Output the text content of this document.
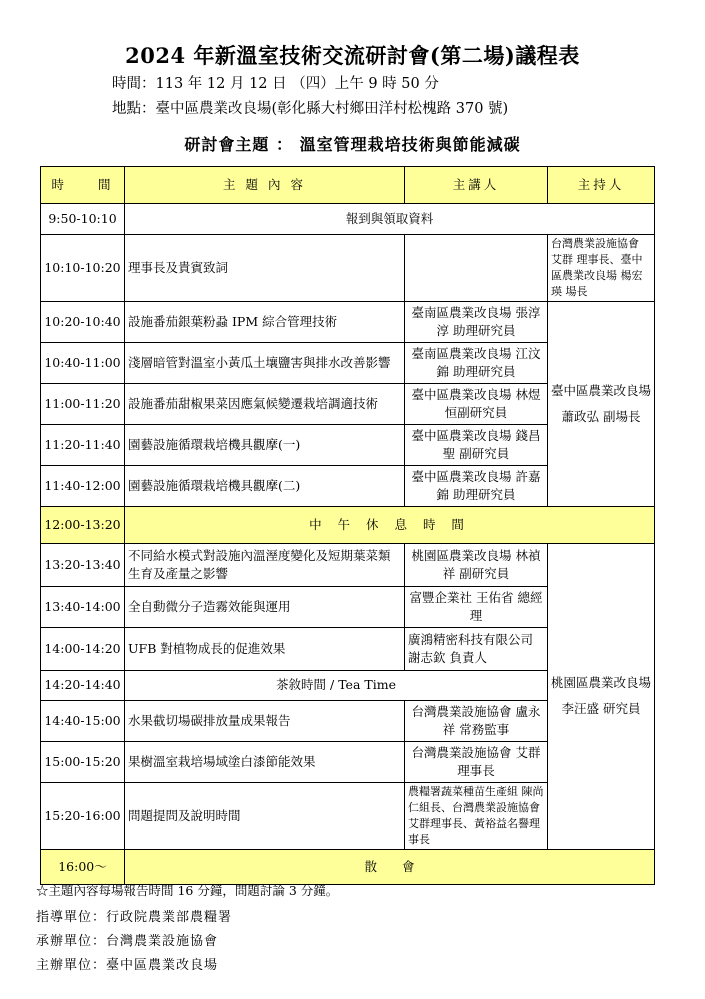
2024 年新溫室技術交流研討會(第二場)議程表
時間：113 年 12 月 12 日 （四）上午 9 時 50 分
地點：臺中區農業改良場(彰化縣大村鄉田洋村松槐路 370 號)
研討會主題 ： 溫室管理栽培技術與節能減碳
時　　間	主 題 內 容	主講人	主持人
9:50-10:10	報到與領取資料		
10:10-10:20	理事長及貴賓致詞		台灣農業設施協會 艾群 理事長、臺中區農業改良場 楊宏瑛 場長
10:20-10:40	設施番茄銀葉粉蝨 IPM 綜合管理技術	臺南區農業改良場 張淳淳 助理研究員	臺中區農業改良場 蕭政弘 副場長
10:40-11:00	淺層暗管對溫室小黃瓜土壤鹽害與排水改善影響	臺南區農業改良場 江汶錦 助理研究員	
11:00-11:20	設施番茄甜椒果菜因應氣候變遷栽培調適技術	臺中區農業改良場 林煜恒副研究員	
11:20-11:40	園藝設施循環栽培機具觀摩(一)	臺中區農業改良場 錢昌聖 副研究員	
11:40-12:00	園藝設施循環栽培機具觀摩(二)	臺中區農業改良場 許嘉錦 助理研究員	
12:00-13:20	中 午 休 息 時 間		
13:20-13:40	不同給水模式對設施內溫溼度變化及短期葉菜類生育及產量之影響	桃園區農業改良場 林禎祥 副研究員	桃園區農業改良場 李汪盛 研究員
13:40-14:00	全自動微分子造霧效能與運用	富豐企業社 王佑省 總經理	
14:00-14:20	UFB 對植物成長的促進效果	廣鴻精密科技有限公司 謝志欽 負責人	
14:20-14:40	茶敘時間 / Tea Time		
14:40-15:00	水果截切場碳排放量成果報告	台灣農業設施協會 盧永祥 常務監事	
15:00-15:20	果樹溫室栽培場域塗白漆節能效果	台灣農業設施協會 艾群 理事長	
15:20-16:00	問題提問及說明時間	農糧署蔬菜種苗生產組 陳尚仁組長、台灣農業設施協會 艾群理事長、黃裕益名譽理事長	
16:00～	散　　會		
☆主題內容每場報告時間 16 分鐘，問題討論 3 分鐘。
指導單位：行政院農業部農糧署
承辦單位：台灣農業設施協會
主辦單位：臺中區農業改良場
